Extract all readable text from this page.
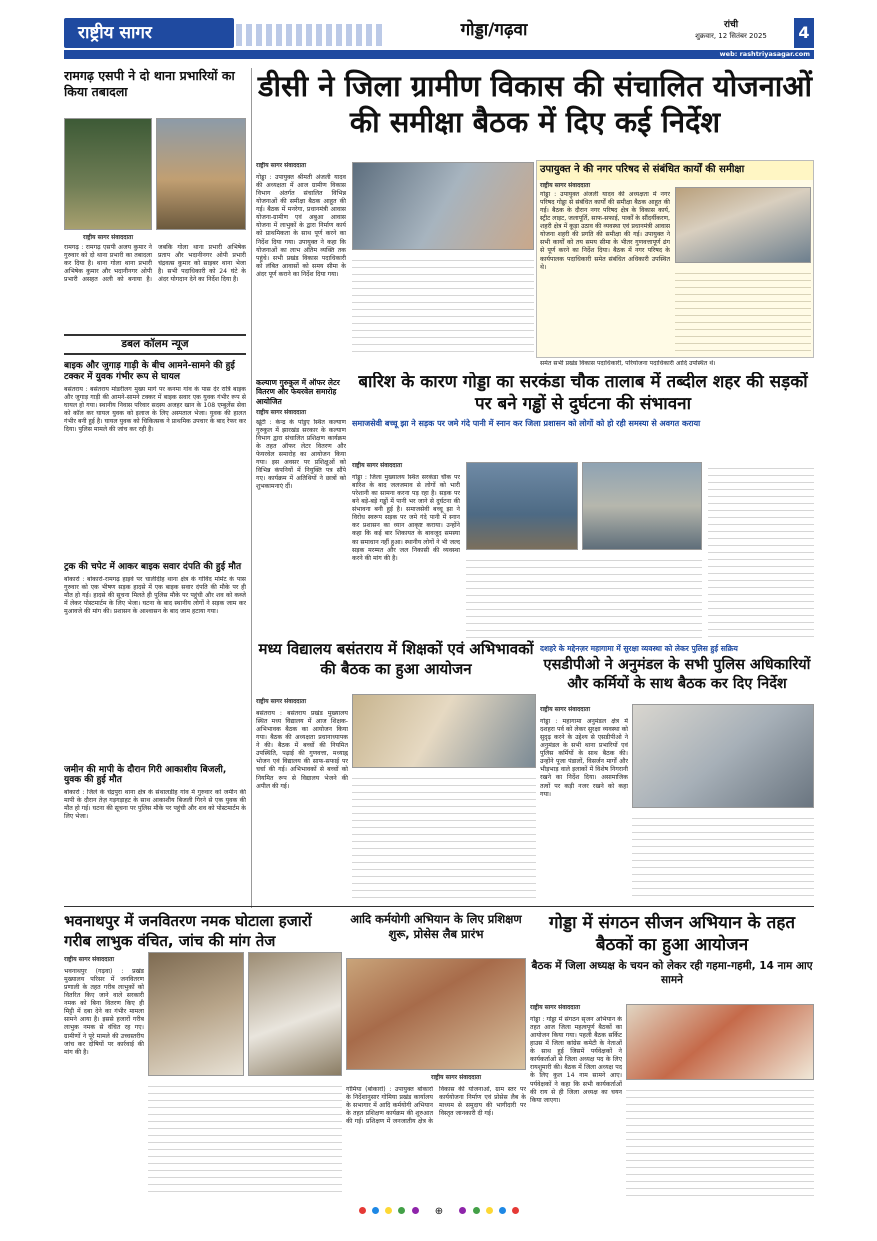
राष्ट्रीय सागर	गोड्डा/गढ़वा	रांची
शुक्रवार, 12 सितंबर 2025	4
web: rashtriyasagar.com
रामगढ़ एसपी ने दो थाना प्रभारियों का किया तबादला
राष्ट्रीय सागर संवाददाता
रामगढ़ : रामगढ़ एसपी अजय कुमार ने गुरुवार को दो थाना प्रभारी का तबादला कर दिया है। थाना गोला थाना प्रभारी अभिषेक कुमार और भदानीनगर ओपी प्रभारी असहत अली को बनाया है। जबकि गोला थाना प्रभारी अभिषेक प्रताप और भदानीनगर ओपी प्रभारी चंद्रवत्स कुमार को साइबर थाना भेजा है। सभी पदाधिकारी को 24 घंटे के अंदर योगदान देने का निर्देश दिया है।
डबल कॉलम न्यूज
बाइक और जुगाड़ गाड़ी के बीच आमने-सामने की हुई टक्कर में युवक गंभीर रूप से घायल
बसंतराय : बसंतराय मोडरीलग मुख्य मार्ग पर कनमा गांव के पास देर रात्रि बाइक और जुगाड़ गाड़ी की आमने-सामने टक्कर में बाइक सवार एक युवक गंभीर रूप से घायल हो गया। स्थानीय निवास परिवार सदस्य अजहर खान के 108 एम्बुलेंस सेवा को कॉल कर घायल युवक को इलाज के लिए अस्पताल भेजा। युवक की हालत गंभीर बनी हुई है। घायल युवक को चिकित्सक ने प्राथमिक उपचार के बाद रेफर कर दिया। पुलिस मामले की जांच कर रही है।
ट्रक की चपेट में आकर बाइक सवार दंपति की हुई मौत
बोकारो : बोकारो-रामगढ़ हाइवे पर चालीदीह थाना क्षेत्र के गोविंद मोमेंट के पास गुरुवार को एक भीषण सड़क हादसे में एक बाइक सवार दंपति की मौके पर ही मौत हो गई। हादसे की सूचना मिलते ही पुलिस मौके पर पहुंची और शव को कब्जे में लेकर पोस्टमार्टम के लिए भेजा। घटना के बाद स्थानीय लोगों ने सड़क जाम कर मुआवजे की मांग की। प्रशासन के आश्वासन के बाद जाम हटाया गया।
जमीन की मापी के दौरान गिरी आकाशीय बिजली, युवक की हुई मौत
बोकारो : जिले के चंद्रपुरा थाना क्षेत्र के संथालडीह गांव में गुरुवार को जमीन की मापी के दौरान तेज़ गड़गड़ाहट के साथ आकाशीय बिजली गिरने से एक युवक की मौत हो गई। घटना की सूचना पर पुलिस मौके पर पहुंची और शव को पोस्टमार्टम के लिए भेजा।
डीसी ने जिला ग्रामीण विकास की संचालित योजनाओं की समीक्षा बैठक में दिए कई निर्देश
राष्ट्रीय सागर संवाददाता
गोड्डा : उपायुक्त श्रीमती अंजली यादव की अध्यक्षता में आज ग्रामीण विकास विभाग अंतर्गत संचालित विभिन्न योजनाओं की समीक्षा बैठक आहूत की गई। बैठक में मनरेगा, प्रधानमंत्री आवास योजना-ग्रामीण एवं अबुआ आवास योजना में लाभुकों के द्वारा निर्माण कार्य को प्राथमिकता के साथ पूर्ण करने का निर्देश दिया गया। उपायुक्त ने कहा कि योजनाओं का लाभ अंतिम व्यक्ति तक पहुंचे। सभी प्रखंड विकास पदाधिकारी को लंबित आवासों को समय सीमा के अंदर पूर्ण कराने का निर्देश दिया गया।
समेत सभी प्रखंड विकास पदाधिकारी, परियोजना पदाधिकारी आदि उपस्थित थे।
उपायुक्त ने की नगर परिषद से संबंधित कार्यों की समीक्षा
राष्ट्रीय सागर संवाददाता
गोड्डा : उपायुक्त अंजली यादव की अध्यक्षता में नगर परिषद गोड्डा से संबंधित कार्यों की समीक्षा बैठक आहूत की गई। बैठक के दौरान नगर परिषद क्षेत्र के विकास कार्य, स्ट्रीट लाइट, जलापूर्ति, साफ-सफाई, पार्कों के सौंदर्यीकरण, शहरी क्षेत्र में कूड़ा उठाव की व्यवस्था एवं प्रधानमंत्री आवास योजना शहरी की प्रगति की समीक्षा की गई। उपायुक्त ने सभी कार्यों को तय समय सीमा के भीतर गुणवत्तापूर्ण ढंग से पूर्ण करने का निर्देश दिया। बैठक में नगर परिषद के कार्यपालक पदाधिकारी समेत संबंधित अधिकारी उपस्थित थे।
कल्याण गुरुकुल में ऑफर लेटर वितरण और फेयरवेल समारोह आयोजित
राष्ट्रीय सागर संवाददाता
खूंटी : केन्द्र के पांडुए स्थित कल्याण गुरुकुल में झारखंड सरकार के कल्याण विभाग द्वारा संचालित प्रशिक्षण कार्यक्रम के तहत ऑफर लेटर वितरण और फेयरवेल समारोह का आयोजन किया गया। इस अवसर पर प्रशिक्षुओं को विभिन्न कंपनियों में नियुक्ति पत्र सौंपे गए। कार्यक्रम में अतिथियों ने छात्रों को शुभकामनाएं दीं।
बारिश के कारण गोड्डा का सरकंडा चौक तालाब में तब्दील शहर की सड़कों पर बने गड्ढों से दुर्घटना की संभावना
समाजसेवी बच्चू झा ने सड़क पर जमे गंदे पानी में स्नान कर जिला प्रशासन को लोगों को हो रही समस्या से अवगत कराया
राष्ट्रीय सागर संवाददाता
गोड्डा : जिला मुख्यालय स्थित सरकंडा चौक पर बारिश के बाद जलजमाव से लोगों को भारी परेशानी का सामना करना पड़ रहा है। सड़क पर बने बड़े-बड़े गड्ढों में पानी भर जाने से दुर्घटना की संभावना बनी हुई है। समाजसेवी बच्चू झा ने विरोध स्वरूप सड़क पर जमे गंदे पानी में स्नान कर प्रशासन का ध्यान आकृष्ट कराया। उन्होंने कहा कि कई बार शिकायत के बावजूद समस्या का समाधान नहीं हुआ। स्थानीय लोगों ने भी जल्द सड़क मरम्मत और जल निकासी की व्यवस्था करने की मांग की है।
मध्य विद्यालय बसंतराय में शिक्षकों एवं अभिभावकों की बैठक का हुआ आयोजन
राष्ट्रीय सागर संवाददाता
बसंतराय : बसंतराय प्रखंड मुख्यालय स्थित मध्य विद्यालय में आज शिक्षक-अभिभावक बैठक का आयोजन किया गया। बैठक की अध्यक्षता प्रधानाध्यापक ने की। बैठक में बच्चों की नियमित उपस्थिति, पढ़ाई की गुणवत्ता, मध्याह्न भोजन एवं विद्यालय की साफ-सफाई पर चर्चा की गई। अभिभावकों से बच्चों को नियमित रूप से विद्यालय भेजने की अपील की गई।
दशहरे के मद्देनज़र महागामा में सुरक्षा व्यवस्था को लेकर पुलिस हुई सक्रिय
एसडीपीओ ने अनुमंडल के सभी पुलिस अधिकारियों और कर्मियों के साथ बैठक कर दिए निर्देश
राष्ट्रीय सागर संवाददाता
गोड्डा : महागामा अनुमंडल क्षेत्र में दशहरा पर्व को लेकर सुरक्षा व्यवस्था को सुदृढ़ करने के उद्देश्य से एसडीपीओ ने अनुमंडल के सभी थाना प्रभारियों एवं पुलिस कर्मियों के साथ बैठक की। उन्होंने पूजा पंडालों, विसर्जन मार्गों और भीड़भाड़ वाले इलाकों में विशेष निगरानी रखने का निर्देश दिया। असामाजिक तत्वों पर कड़ी नजर रखने को कहा गया।
भवनाथपुर में जनवितरण नमक घोटाला हजारों गरीब लाभुक वंचित, जांच की मांग तेज
राष्ट्रीय सागर संवाददाता
भवनाथपुर (गढ़वा) : प्रखंड मुख्यालय परिसर में जनवितरण प्रणाली के तहत गरीब लाभुकों को वितरित किए जाने वाले सरकारी नमक को बिना वितरण किए ही मिट्टी में दबा देने का गंभीर मामला सामने आया है। इससे हजारों गरीब लाभुक नमक से वंचित रह गए। ग्रामीणों ने पूरे मामले की उच्चस्तरीय जांच कर दोषियों पर कार्रवाई की मांग की है।
आदि कर्मयोगी अभियान के लिए प्रशिक्षण शुरू, प्रोसेस लैब प्रारंभ
राष्ट्रीय सागर संवाददाता
गोमिया (बोकारो) : उपायुक्त बोकारो के निर्देशानुसार गोमिया प्रखंड कार्यालय के सभागार में आदि कर्मयोगी अभियान के तहत प्रशिक्षण कार्यक्रम की शुरुआत की गई। प्रशिक्षण में जनजातीय क्षेत्र के विकास की योजनाओं, ग्राम स्तर पर कार्ययोजना निर्माण एवं प्रोसेस लैब के माध्यम से समुदाय की भागीदारी पर विस्तृत जानकारी दी गई।
गोड्डा में संगठन सीजन अभियान के तहत बैठकों का हुआ आयोजन
बैठक में जिला अध्यक्ष के चयन को लेकर रही गहमा-गहमी, 14 नाम आए सामने
राष्ट्रीय सागर संवाददाता
गोड्डा : गोड्डा में संगठन सृजन अभियान के तहत आज जिला महत्वपूर्ण बैठकों का आयोजन किया गया। पहली बैठक सर्किट हाउस में जिला कांग्रेस कमेटी के नेताओं के साथ हुई जिसमें पर्यवेक्षकों ने कार्यकर्ताओं से जिला अध्यक्ष पद के लिए रायशुमारी की। बैठक में जिला अध्यक्ष पद के लिए कुल 14 नाम सामने आए। पर्यवेक्षकों ने कहा कि सभी कार्यकर्ताओं की राय से ही जिला अध्यक्ष का चयन किया जाएगा।
⊕
